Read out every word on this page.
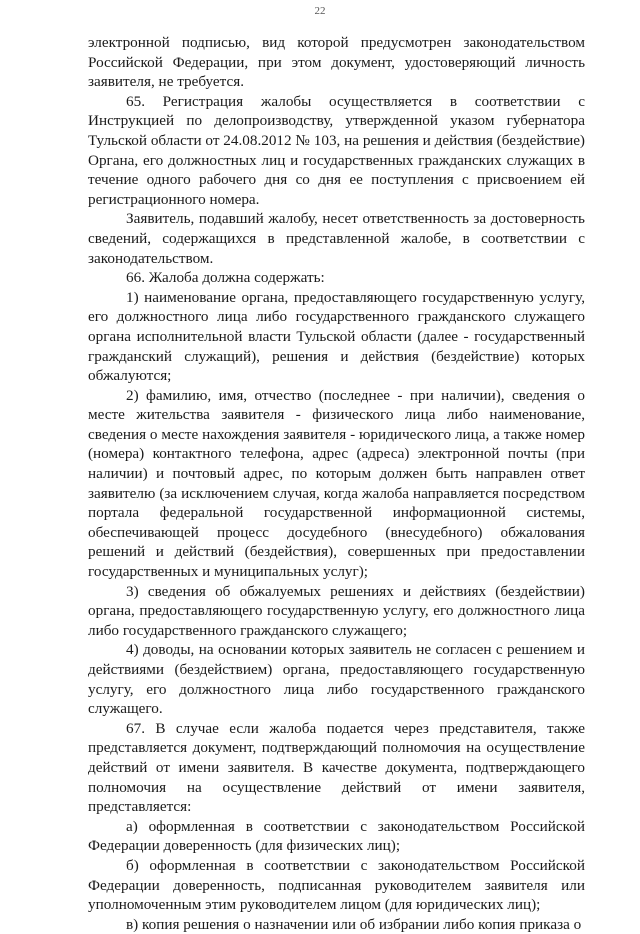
22

электронной подписью, вид которой предусмотрен законодательством Российской Федерации, при этом документ, удостоверяющий личность заявителя, не требуется.

65. Регистрация жалобы осуществляется в соответствии с Инструкцией по делопроизводству, утвержденной указом губернатора Тульской области от 24.08.2012 № 103, на решения и действия (бездействие) Органа, его должностных лиц и государственных гражданских служащих в течение одного рабочего дня со дня ее поступления с присвоением ей регистрационного номера.

Заявитель, подавший жалобу, несет ответственность за достоверность сведений, содержащихся в представленной жалобе, в соответствии с законодательством.

66. Жалоба должна содержать:

1) наименование органа, предоставляющего государственную услугу, его должностного лица либо государственного гражданского служащего органа исполнительной власти Тульской области (далее - государственный гражданский служащий), решения и действия (бездействие) которых обжалуются;

2) фамилию, имя, отчество (последнее - при наличии), сведения о месте жительства заявителя - физического лица либо наименование, сведения о месте нахождения заявителя - юридического лица, а также номер (номера) контактного телефона, адрес (адреса) электронной почты (при наличии) и почтовый адрес, по которым должен быть направлен ответ заявителю (за исключением случая, когда жалоба направляется посредством портала федеральной государственной информационной системы, обеспечивающей процесс досудебного (внесудебного) обжалования решений и действий (бездействия), совершенных при предоставлении государственных и муниципальных услуг);

3) сведения об обжалуемых решениях и действиях (бездействии) органа, предоставляющего государственную услугу, его должностного лица либо государственного гражданского служащего;

4) доводы, на основании которых заявитель не согласен с решением и действиями (бездействием) органа, предоставляющего государственную услугу, его должностного лица либо государственного гражданского служащего.

67. В случае если жалоба подается через представителя, также представляется документ, подтверждающий полномочия на осуществление действий от имени заявителя. В качестве документа, подтверждающего полномочия на осуществление действий от имени заявителя, представляется:

а) оформленная в соответствии с законодательством Российской Федерации доверенность (для физических лиц);

б) оформленная в соответствии с законодательством Российской Федерации доверенность, подписанная руководителем заявителя или уполномоченным этим руководителем лицом (для юридических лиц);

в) копия решения о назначении или об избрании либо копия приказа о
